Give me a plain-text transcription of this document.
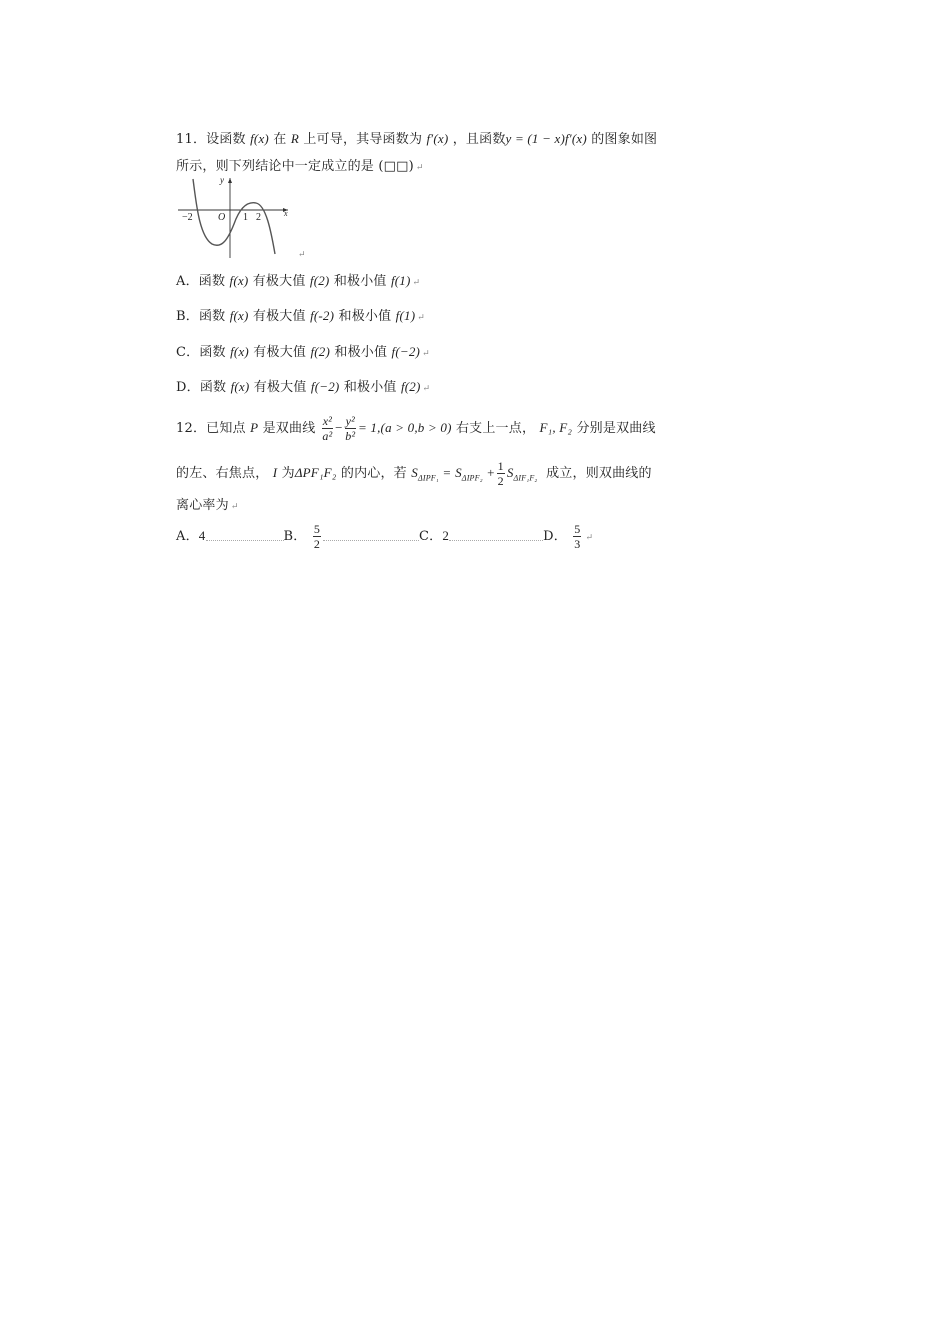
11．设函数 f(x) 在 R 上可导，其导函数为 f′(x) ，且函数y = (1 − x)f′(x) 的图象如图
所示，则下列结论中一定成立的是 (□□) ↵
y
x
O
−2	1 2
↵
A．函数 f(x) 有极大值 f(2) 和极小值 f(1) ↵
B．函数 f(x) 有极大值 f(-2) 和极小值 f(1) ↵
C．函数 f(x) 有极大值 f(2) 和极小值 f(−2) ↵
D．函数 f(x) 有极大值 f(−2) 和极小值 f(2) ↵
12．已知点 P 是双曲线 $\frac{\text{x²}}{\text{a²}} - \frac{\text{y²}}{\text{b²}} = 1,(a > 0,b > 0)$ 右支上一点， F₁, F₂ 分别是双曲线
的左、右焦点， I 为ΔPF₁F₂ 的内心，若 $S_{\Delta IPF_1} = S_{\Delta IPF_2} + \frac{1}{2} S_{\Delta IF_1F_2}$ 成立，则双曲线的
离心率为 ↵
A．4	B． $\frac{5}{2}$	C．2	D． $\frac{5}{3}$ ↵
